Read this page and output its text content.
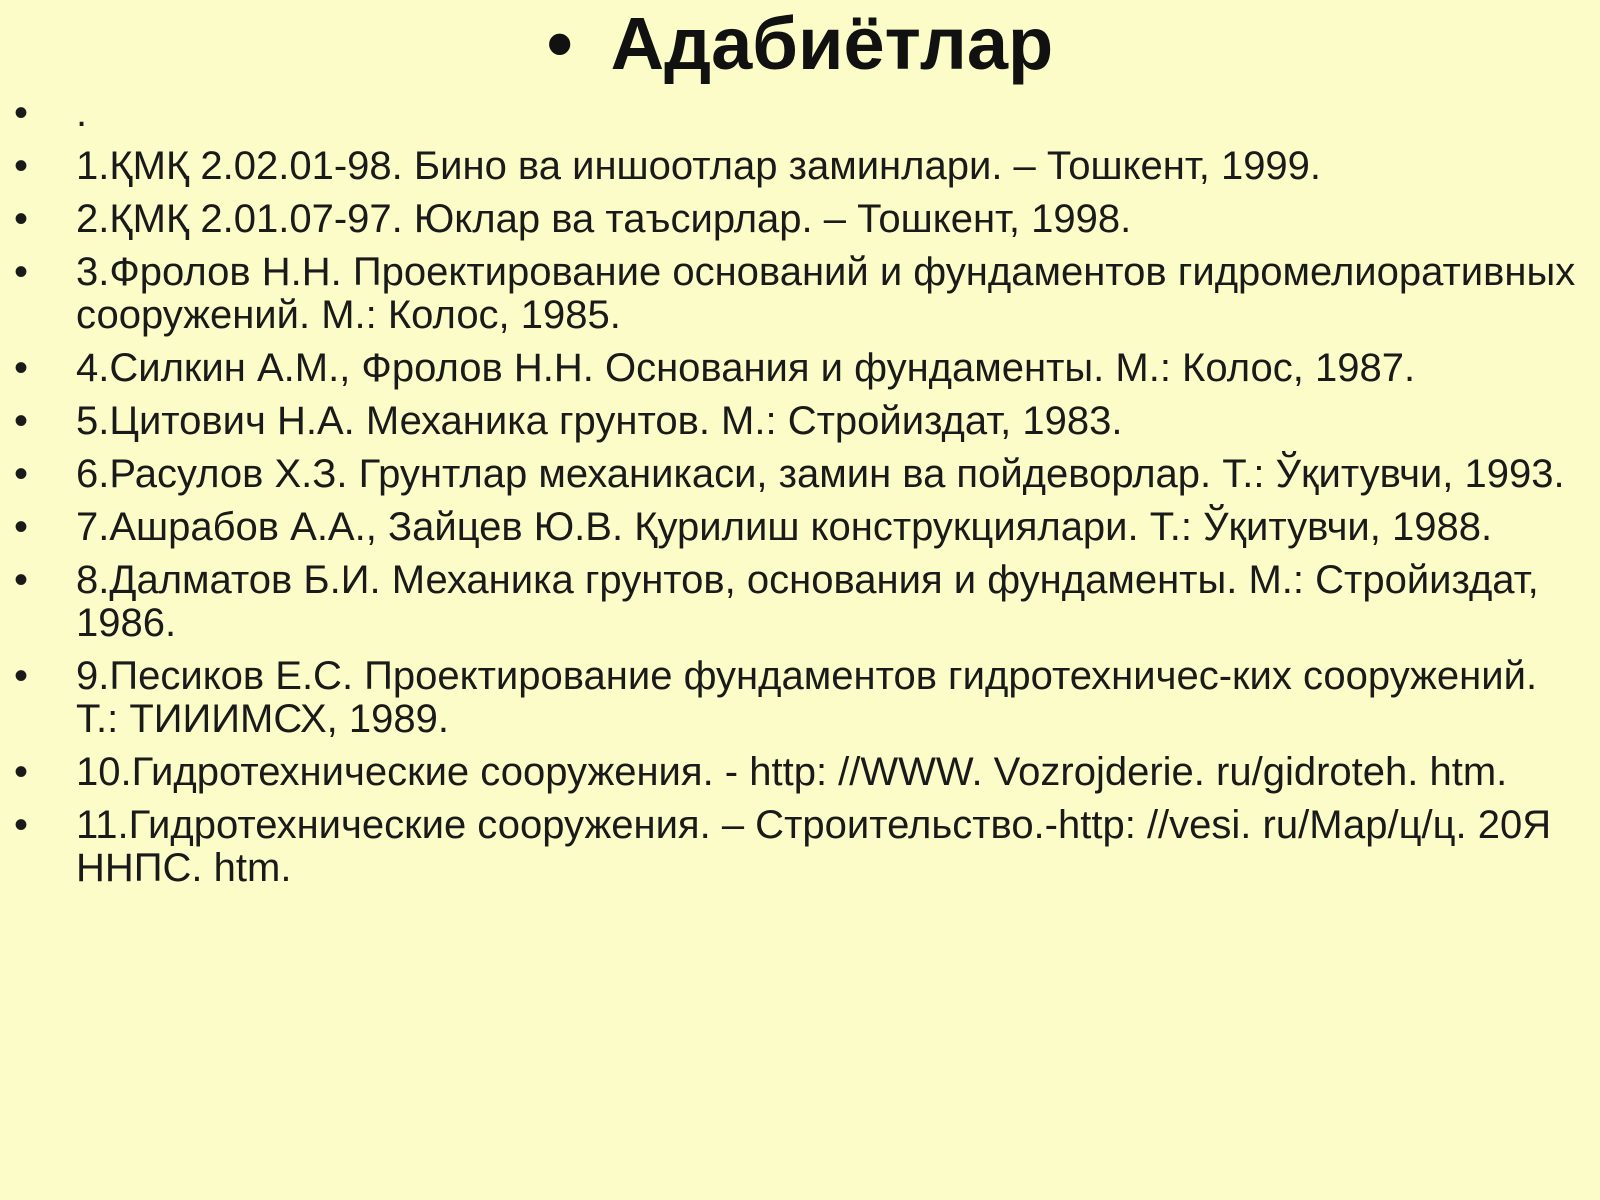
• Адабиётлар
• .
• 1.ҚМҚ 2.02.01-98. Бино ва иншоотлар заминлари. – Тошкент, 1999.
• 2.ҚМҚ 2.01.07-97. Юклар ва таъсирлар. – Тошкент, 1998.
• 3.Фролов Н.Н. Проектирование оснований и фундаментов гидромелиоративных сооружений. М.: Колос, 1985.
• 4.Силкин А.М., Фролов Н.Н. Основания и фундаменты. М.: Колос, 1987.
• 5.Цитович Н.А. Механика грунтов. М.: Стройиздат, 1983.
• 6.Расулов Х.З. Грунтлар механикаси, замин ва пойдеворлар. Т.: Ўқитувчи, 1993.
• 7.Ашрабов А.А., Зайцев Ю.В. Қурилиш конструкциялари. Т.: Ўқитувчи, 1988.
• 8.Далматов Б.И. Механика грунтов, основания и фундаменты. М.: Стройиздат, 1986.
• 9.Песиков Е.С. Проектирование фундаментов гидротехничес-ких сооружений. Т.: ТИИИМСХ, 1989.
• 10.Гидротехнические сооружения. - http: //WWW. Vozrojderie. ru/gidroteh. htm.
• 11.Гидротехнические сооружения. – Строительство.-http: //vesi. ru/Мар/ц/ц. 20Я ННПС. htm.
